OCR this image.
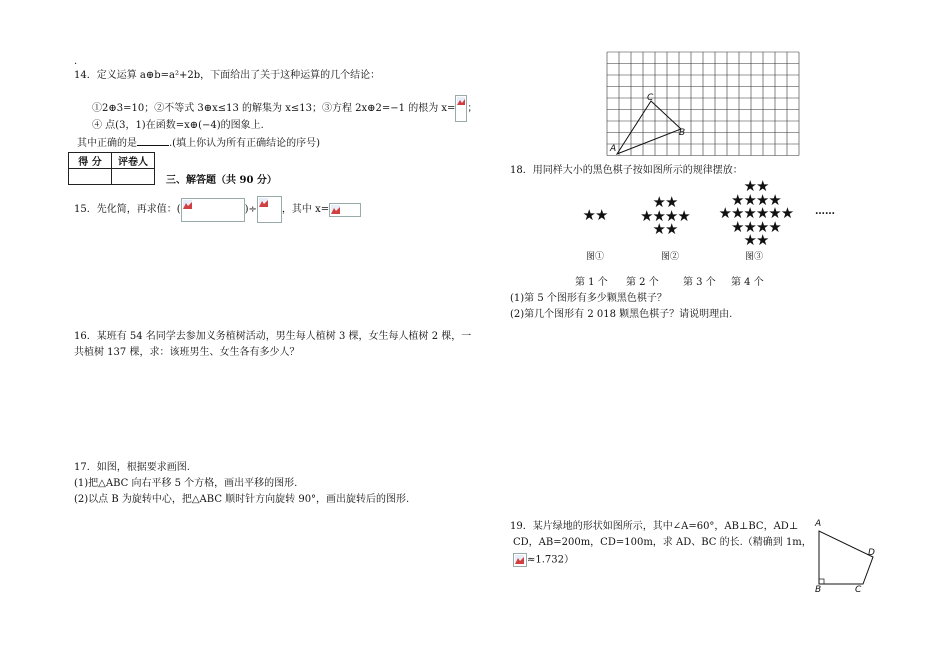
.
14．定义运算 a⊕b=a²+2b，下面给出了关于这种运算的几个结论：
①2⊕3=10；②不等式 3⊕x≤13 的解集为 x≤13；③方程 2x⊕2=−1 的根为 x= ；
④ 点(3，1)在函数=x⊕(−4)的图象上.
其中正确的是	.(填上你认为所有正确结论的序号)
得 分	评卷人

三、解答题（共 90 分）
15．先化简，再求值：(	)÷	，其中 x=
16．某班有 54 名同学去参加义务植树活动，男生每人植树 3 棵，女生每人植树 2 棵，一
共植树 137 棵，求：该班男生、女生各有多少人？
17．如图，根据要求画图.
(1)把△ABC 向右平移 5 个方格，画出平移的图形.
(2)以点 B 为旋转中心，把△ABC 顺时针方向旋转 90°，画出旋转后的图形.
A
B
C
18．用同样大小的黑色棋子按如图所示的规律摆放：
★★
★★
★★★★
★★
★★
★★★★
★★★★★★
★★★★
★★
……
图①	图②	图③
第 1 个 第 2 个 第 3 个 第 4 个
(1)第 5 个图形有多少颗黑色棋子？
(2)第几个图形有 2 018 颗黑色棋子？请说明理由.
19．某片绿地的形状如图所示，其中∠A=60°，AB⊥BC，AD⊥
CD，AB=200m，CD=100m，求 AD、BC 的长.（精确到 1m，
≈1.732）
A
B	C
D
